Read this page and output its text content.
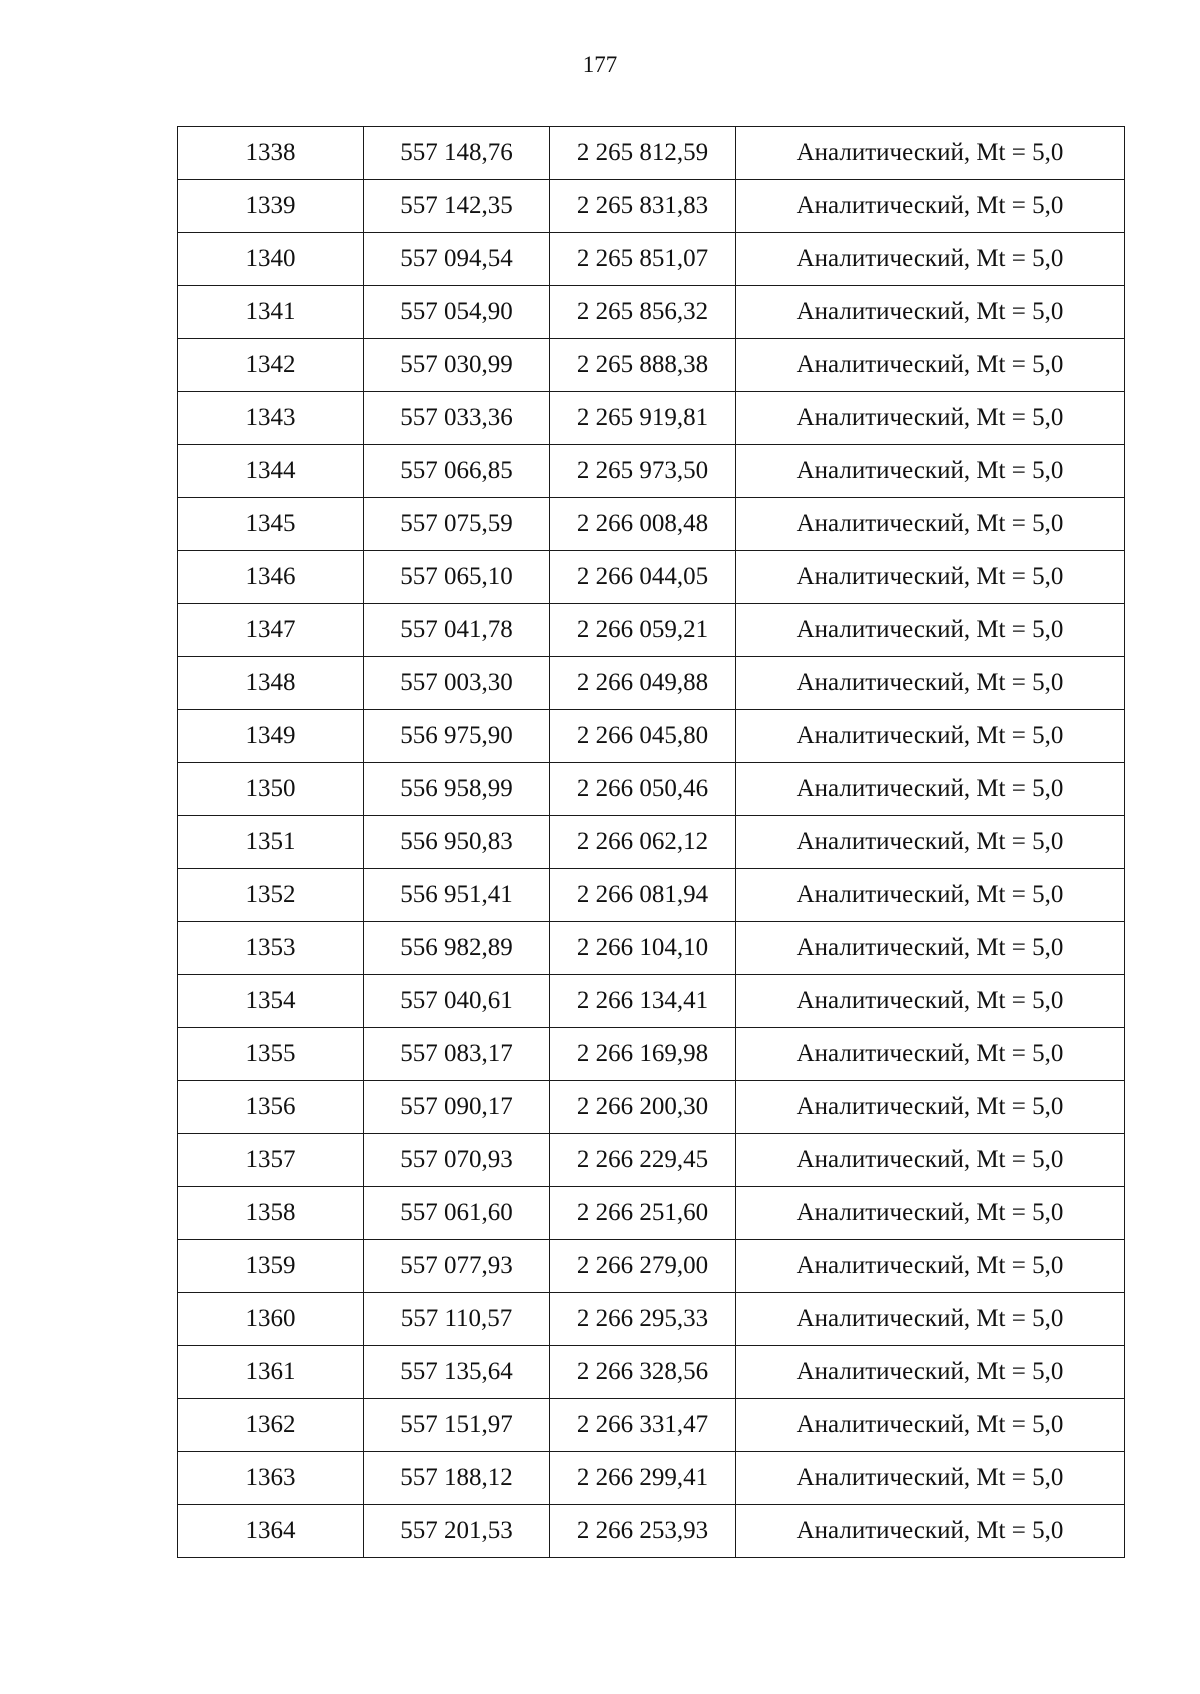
177
1338	557 148,76	2 265 812,59	Аналитический, Mt = 5,0
1339	557 142,35	2 265 831,83	Аналитический, Mt = 5,0
1340	557 094,54	2 265 851,07	Аналитический, Mt = 5,0
1341	557 054,90	2 265 856,32	Аналитический, Mt = 5,0
1342	557 030,99	2 265 888,38	Аналитический, Mt = 5,0
1343	557 033,36	2 265 919,81	Аналитический, Mt = 5,0
1344	557 066,85	2 265 973,50	Аналитический, Mt = 5,0
1345	557 075,59	2 266 008,48	Аналитический, Mt = 5,0
1346	557 065,10	2 266 044,05	Аналитический, Mt = 5,0
1347	557 041,78	2 266 059,21	Аналитический, Mt = 5,0
1348	557 003,30	2 266 049,88	Аналитический, Mt = 5,0
1349	556 975,90	2 266 045,80	Аналитический, Mt = 5,0
1350	556 958,99	2 266 050,46	Аналитический, Mt = 5,0
1351	556 950,83	2 266 062,12	Аналитический, Mt = 5,0
1352	556 951,41	2 266 081,94	Аналитический, Mt = 5,0
1353	556 982,89	2 266 104,10	Аналитический, Mt = 5,0
1354	557 040,61	2 266 134,41	Аналитический, Mt = 5,0
1355	557 083,17	2 266 169,98	Аналитический, Mt = 5,0
1356	557 090,17	2 266 200,30	Аналитический, Mt = 5,0
1357	557 070,93	2 266 229,45	Аналитический, Mt = 5,0
1358	557 061,60	2 266 251,60	Аналитический, Mt = 5,0
1359	557 077,93	2 266 279,00	Аналитический, Mt = 5,0
1360	557 110,57	2 266 295,33	Аналитический, Mt = 5,0
1361	557 135,64	2 266 328,56	Аналитический, Mt = 5,0
1362	557 151,97	2 266 331,47	Аналитический, Mt = 5,0
1363	557 188,12	2 266 299,41	Аналитический, Mt = 5,0
1364	557 201,53	2 266 253,93	Аналитический, Mt = 5,0
